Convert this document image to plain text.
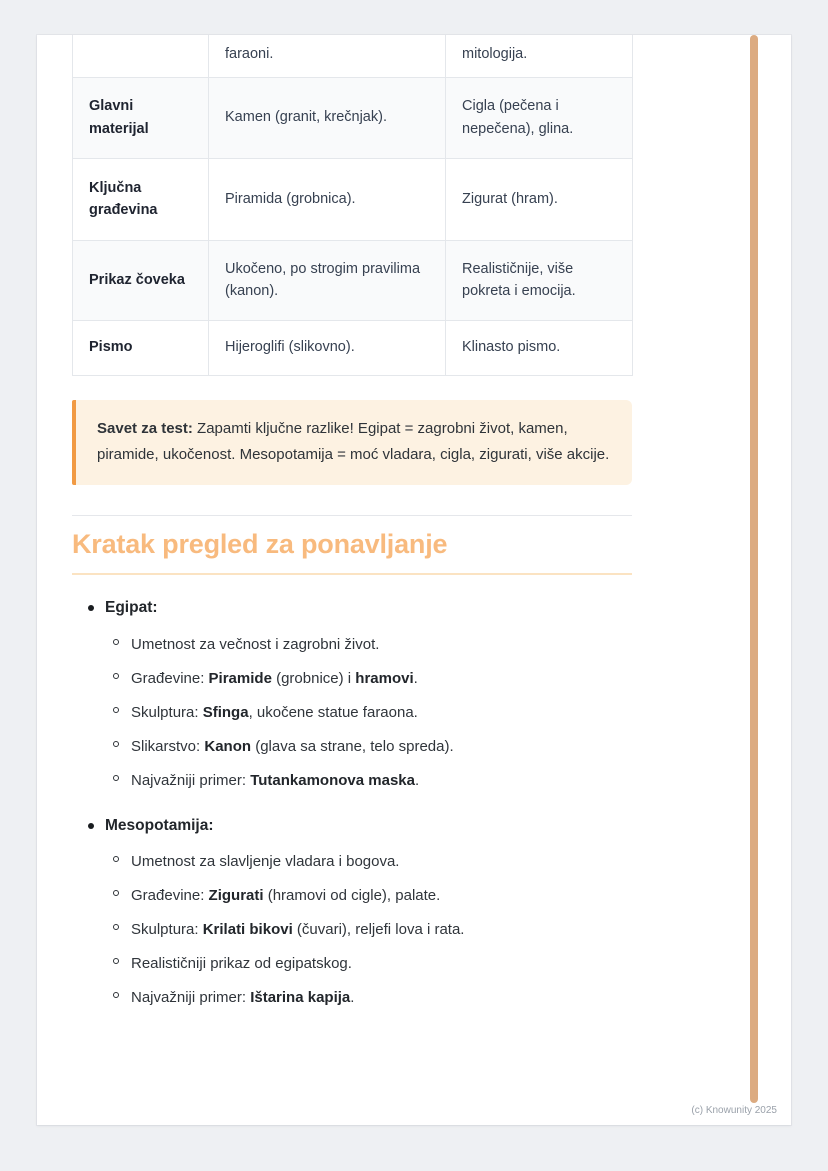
	faraoni.	mitologija.
Glavni materijal	Kamen (granit, krečnjak).	Cigla (pečena i nepečena), glina.
Ključna građevina	Piramida (grobnica).	Zigurat (hram).
Prikaz čoveka	Ukočeno, po strogim pravilima (kanon).	Realističnije, više pokreta i emocija.
Pismo	Hijeroglifi (slikovno).	Klinasto pismo.

Savet za test: Zapamti ključne razlike! Egipat = zagrobni život, kamen, piramide, ukočenost. Mesopotamija = moć vladara, cigla, zigurati, više akcije.

Kratak pregled za ponavljanje
Egipat:
Umetnost za večnost i zagrobni život.
Građevine: Piramide (grobnice) i hramovi.
Skulptura: Sfinga, ukočene statue faraona.
Slikarstvo: Kanon (glava sa strane, telo spreda).
Najvažniji primer: Tutankamonova maska.
Mesopotamija:
Umetnost za slavljenje vladara i bogova.
Građevine: Zigurati (hramovi od cigle), palate.
Skulptura: Krilati bikovi (čuvari), reljefi lova i rata.
Realističniji prikaz od egipatskog.
Najvažniji primer: Ištarina kapija.
(c) Knowunity 2025
